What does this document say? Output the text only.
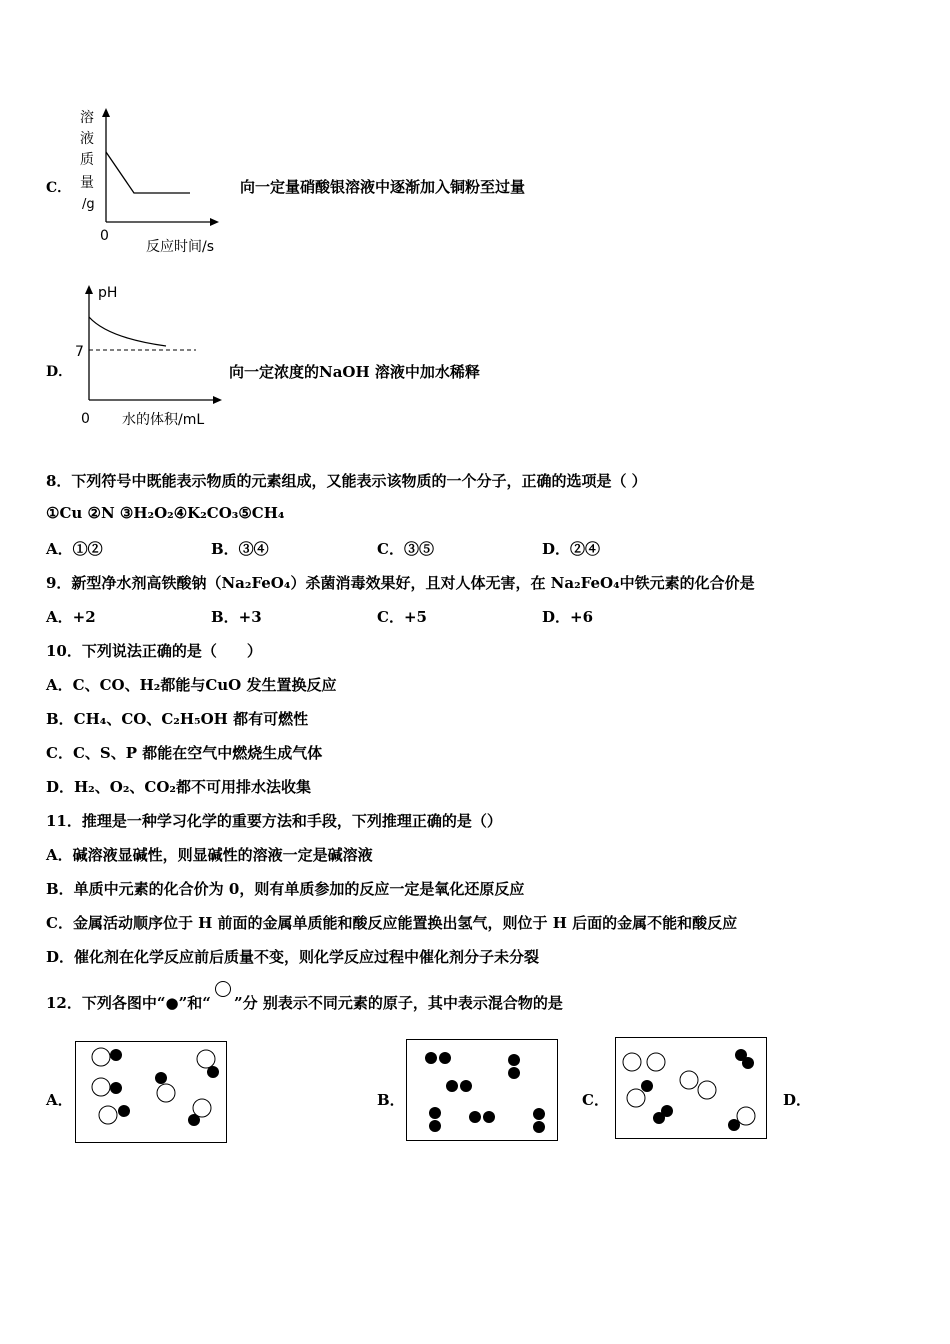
C．
溶
液
质
量
/g
0
反应时间/s
向一定量硝酸银溶液中逐渐加入铜粉至过量
D．
pH
7
0 水的体积/mL
向一定浓度的NaOH 溶液中加水稀释
8．下列符号中既能表示物质的元素组成，又能表示该物质的一个分子，正确的选项是（ ）
①Cu ②N ③H₂O₂④K₂CO₃⑤CH₄
A．①②	B．③④	C．③⑤	D．②④
9．新型净水剂高铁酸钠（Na₂FeO₄）杀菌消毒效果好，且对人体无害，在 Na₂FeO₄中铁元素的化合价是
A．+2	B．+3	C．+5	D．+6
10．下列说法正确的是（　　）
A．C、CO、H₂都能与CuO 发生置换反应
B．CH₄、CO、C₂H₅OH 都有可燃性
C．C、S、P 都能在空气中燃烧生成气体
D．H₂、O₂、CO₂都不可用排水法收集
11．推理是一种学习化学的重要方法和手段，下列推理正确的是（）
A．碱溶液显碱性，则显碱性的溶液一定是碱溶液
B．单质中元素的化合价为 0，则有单质参加的反应一定是氧化还原反应
C．金属活动顺序位于 H 前面的金属单质能和酸反应能置换出氢气，则位于 H 后面的金属不能和酸反应
D．催化剂在化学反应前后质量不变，则化学反应过程中催化剂分子未分裂
12．下列各图中“●”和“ ”分 别表示不同元素的原子，其中表示混合物的是
A．	B．	C．	D．
